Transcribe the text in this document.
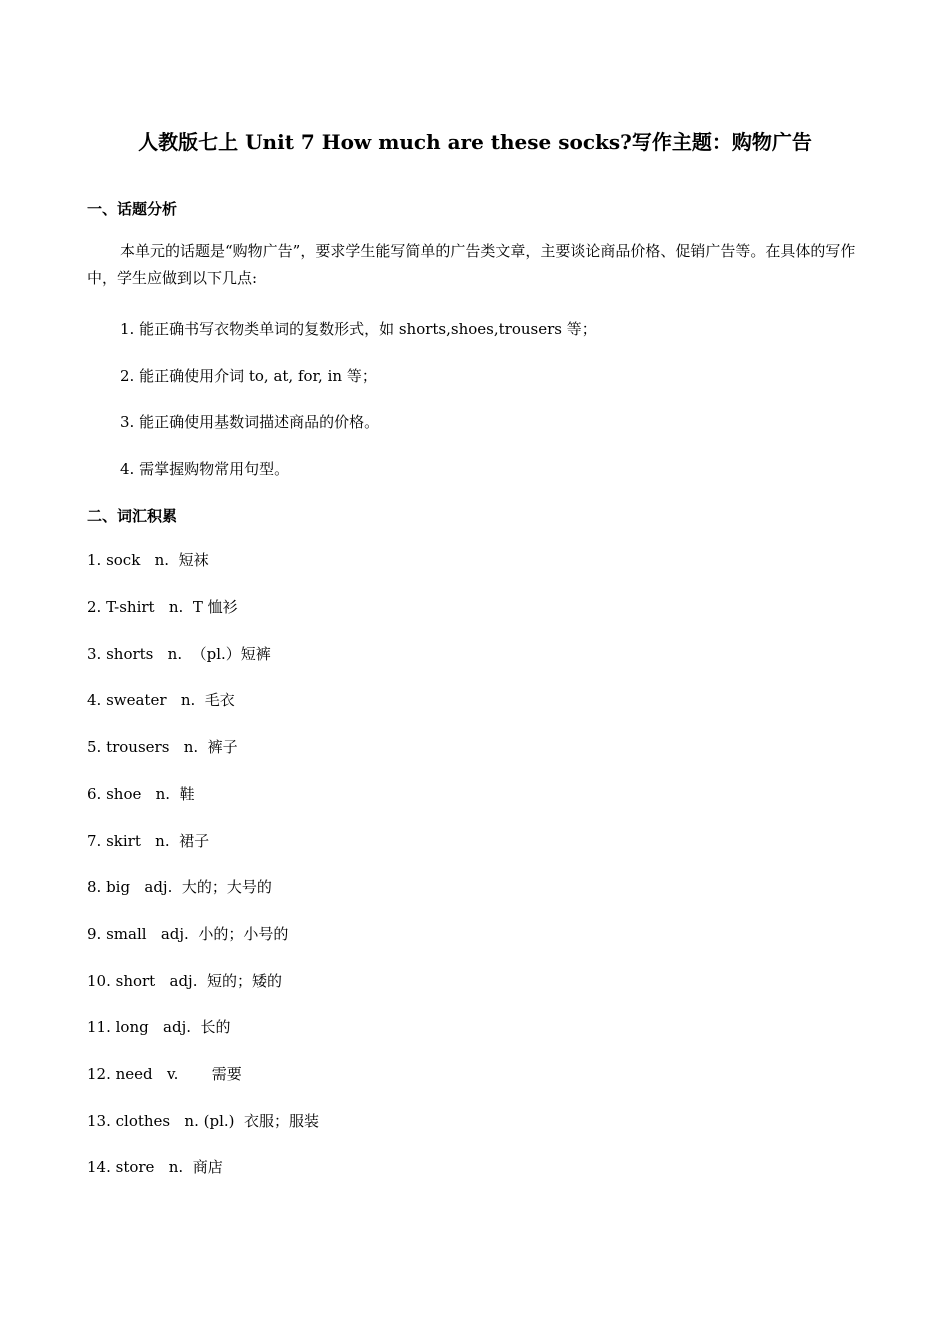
人教版七上 Unit 7 How much are these socks?写作主题：购物广告
一、话题分析
本单元的话题是“购物广告”，要求学生能写简单的广告类文章，主要谈论商品价格、促销广告等。在具体的写作中，学生应做到以下几点:
1. 能正确书写衣物类单词的复数形式，如 shorts,shoes,trousers 等；
2. 能正确使用介词 to, at, for, in 等；
3. 能正确使用基数词描述商品的价格。
4. 需掌握购物常用句型。
二、词汇积累
1. sock   n.  短袜
2. T-shirt   n.  T 恤衫
3. shorts   n.  （pl.）短裤
4. sweater   n.  毛衣
5. trousers   n.  裤子
6. shoe   n.  鞋
7. skirt   n.  裙子
8. big   adj.  大的；大号的
9. small   adj.  小的；小号的
10. short   adj.  短的；矮的
11. long   adj.  长的
12. need   v.       需要
13. clothes   n. (pl.)  衣服；服装
14. store   n.  商店
